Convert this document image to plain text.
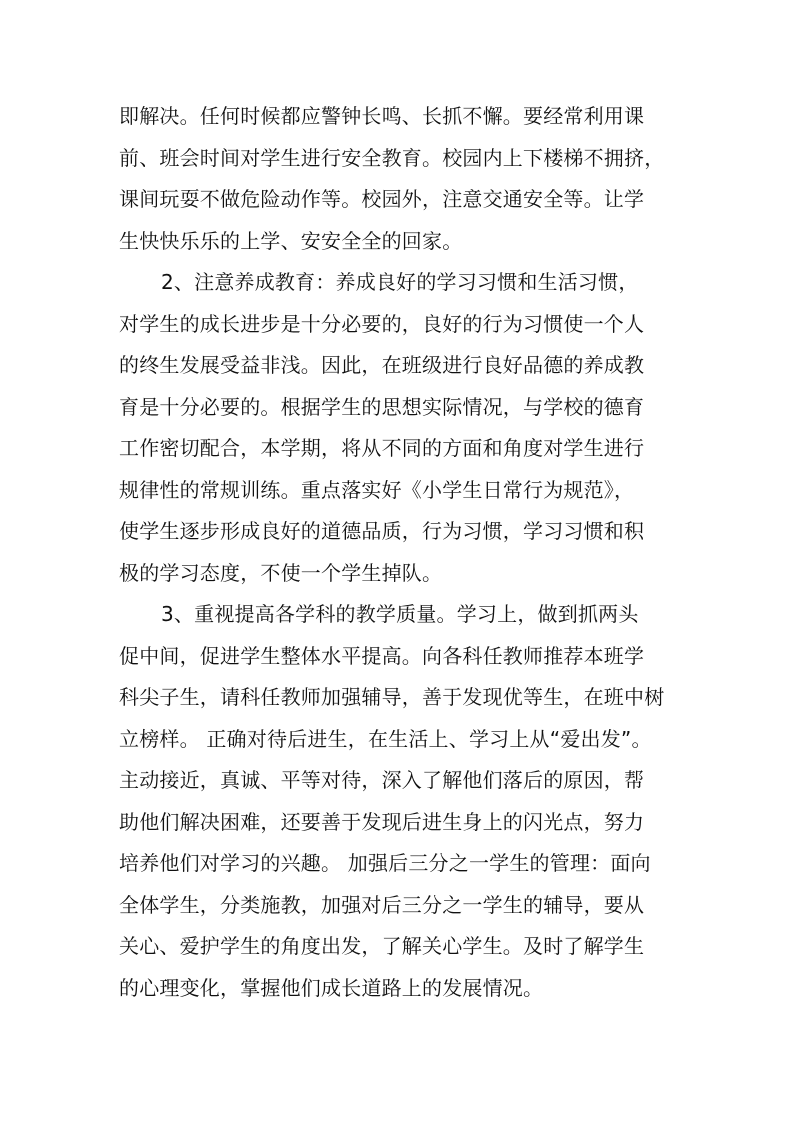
即解决。任何时候都应警钟长鸣、长抓不懈。要经常利用课
前、班会时间对学生进行安全教育。校园内上下楼梯不拥挤，
课间玩耍不做危险动作等。校园外，注意交通安全等。让学
生快快乐乐的上学、安安全全的回家。
2、注意养成教育：养成良好的学习习惯和生活习惯，
对学生的成长进步是十分必要的，良好的行为习惯使一个人
的终生发展受益非浅。因此，在班级进行良好品德的养成教
育是十分必要的。根据学生的思想实际情况，与学校的德育
工作密切配合，本学期，将从不同的方面和角度对学生进行
规律性的常规训练。重点落实好《小学生日常行为规范》，
使学生逐步形成良好的道德品质，行为习惯，学习习惯和积
极的学习态度，不使一个学生掉队。
3、重视提高各学科的教学质量。学习上，做到抓两头
促中间，促进学生整体水平提高。向各科任教师推荐本班学
科尖子生，请科任教师加强辅导，善于发现优等生，在班中树
立榜样。 正确对待后进生，在生活上、学习上从“爱出发”。
主动接近，真诚、平等对待，深入了解他们落后的原因，帮
助他们解决困难，还要善于发现后进生身上的闪光点，努力
培养他们对学习的兴趣。 加强后三分之一学生的管理：面向
全体学生，分类施教，加强对后三分之一学生的辅导，要从
关心、爱护学生的角度出发，了解关心学生。及时了解学生
的心理变化，掌握他们成长道路上的发展情况。
